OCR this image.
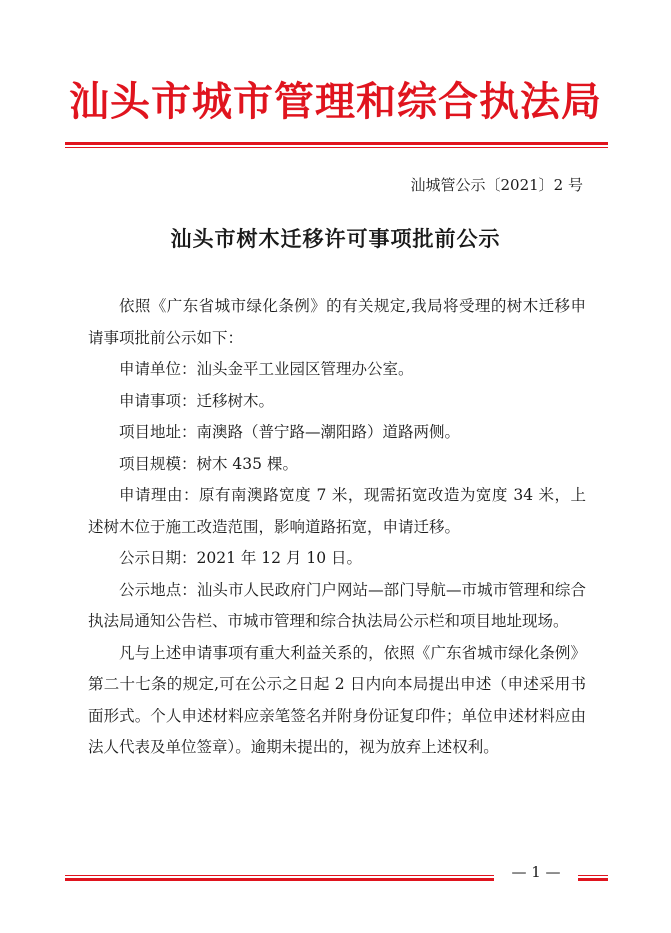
汕头市城市管理和综合执法局
汕城管公示〔2021〕2 号
汕头市树木迁移许可事项批前公示

依照《广东省城市绿化条例》的有关规定,我局将受理的树木迁移申请事项批前公示如下：

申请单位：汕头金平工业园区管理办公室。

申请事项：迁移树木。

项目地址：南澳路（普宁路—潮阳路）道路两侧。

项目规模：树木 435 棵。

申请理由：原有南澳路宽度 7 米，现需拓宽改造为宽度 34 米，上述树木位于施工改造范围，影响道路拓宽，申请迁移。

公示日期：2021 年 12 月 10 日。

公示地点：汕头市人民政府门户网站—部门导航—市城市管理和综合执法局通知公告栏、市城市管理和综合执法局公示栏和项目地址现场。

凡与上述申请事项有重大利益关系的，依照《广东省城市绿化条例》第二十七条的规定,可在公示之日起 2 日内向本局提出申述（申述采用书面形式。个人申述材料应亲笔签名并附身份证复印件；单位申述材料应由法人代表及单位签章）。逾期未提出的，视为放弃上述权利。

— 1 —
